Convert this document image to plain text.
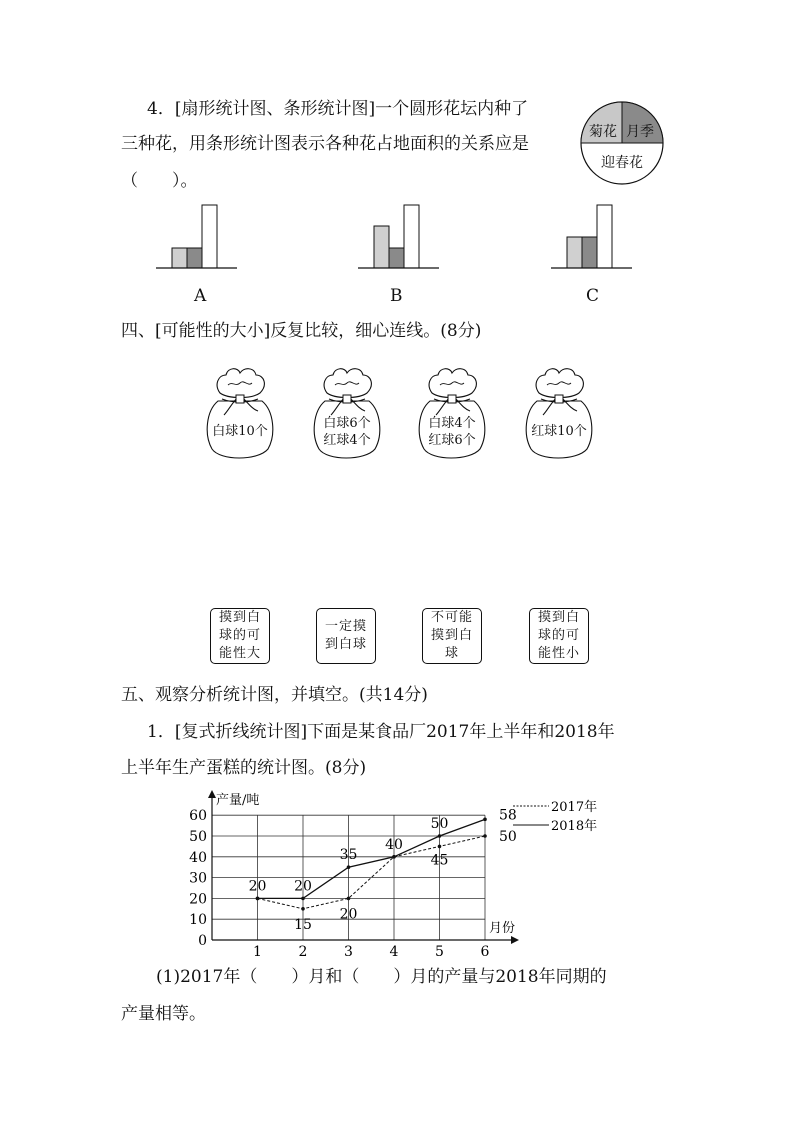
4．[扇形统计图、条形统计图]一个圆形花坛内种了
三种花，用条形统计图表示各种花占地面积的关系应是
（　　）。
菊花 月季
迎春花
A	B	C
四、[可能性的大小]反复比较，细心连线。(8分)
白球10个
白球6个
红球4个
白球4个
红球6个
红球10个
摸到白球的可能性大
一定摸到白球
不可能摸到白球
摸到白球的可能性小
五、观察分析统计图，并填空。(共14分)
1．[复式折线统计图]下面是某食品厂2017年上半年和2018年
上半年生产蛋糕的统计图。(8分)
0
10
20
30
40
50
60
1	2	3	4	5	6
产量/吨
月份
15
20
45
50
20 20
35
40
50
58	2017年
2018年
(1)2017年（　　）月和（　　）月的产量与2018年同期的
产量相等。
